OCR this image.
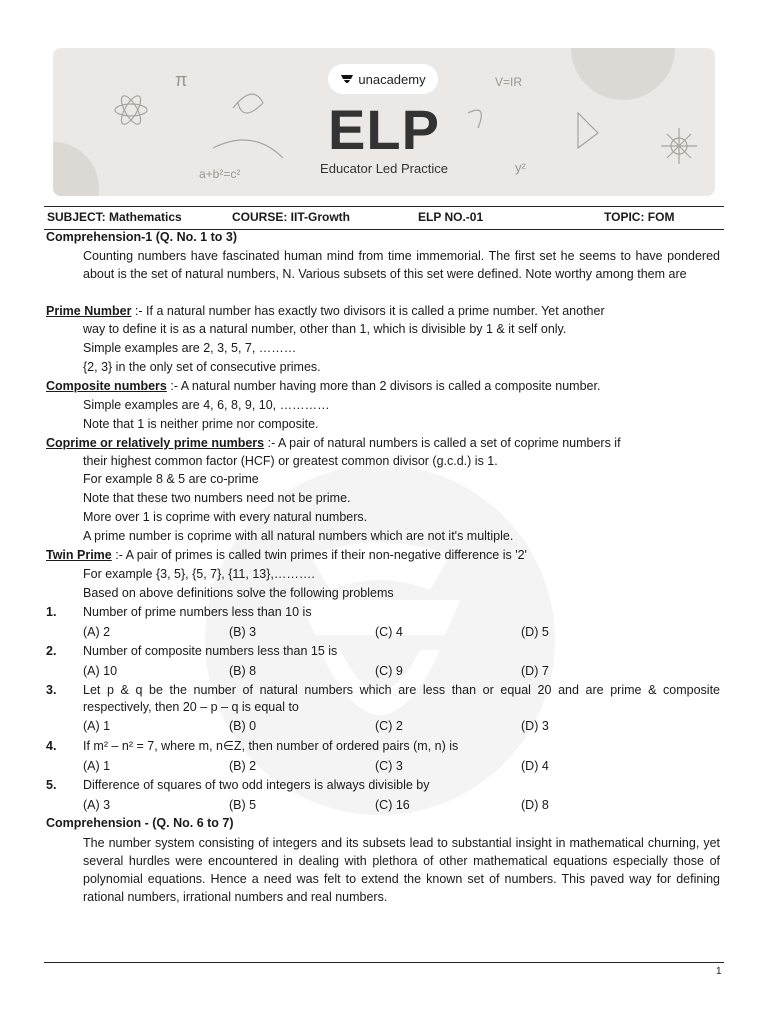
π
a+b²=c²
V=IR
y²
unacademy
ELP
Educator Led Practice
SUBJECT: Mathematics	COURSE: IIT-Growth	ELP NO.-01	TOPIC: FOM
Comprehension-1 (Q. No. 1 to 3)
Counting numbers have fascinated human mind from time immemorial. The first set he seems to have pondered about is the set of natural numbers, N. Various subsets of this set were defined. Note worthy among them are
Prime Number :- If a natural number has exactly two divisors it is called a prime number. Yet another
way to define it is as a natural number, other than 1, which is divisible by 1 & it self only.
Simple examples are 2, 3, 5, 7, ………
{2, 3} in the only set of consecutive primes.
Composite numbers :- A natural number having more than 2 divisors is called a composite number.
Simple examples are 4, 6, 8, 9, 10, …………
Note that 1 is neither prime nor composite.
Coprime or relatively prime numbers :- A pair of natural numbers is called a set of coprime numbers if
their highest common factor (HCF) or greatest common divisor (g.c.d.) is 1.
For example 8 & 5 are co-prime
Note that these two numbers need not be prime.
More over 1 is coprime with every natural numbers.
A prime number is coprime with all natural numbers which are not it's multiple.
Twin Prime :- A pair of primes is called twin primes if their non-negative difference is '2'
For example {3, 5}, {5, 7}, {11, 13},……….
Based on above definitions solve the following problems
1. Number of prime numbers less than 10 is
(A) 2	(B) 3	(C) 4	(D) 5
2. Number of composite numbers less than 15 is
(A) 10	(B) 8	(C) 9	(D) 7
3. Let p & q be the number of natural numbers which are less than or equal 20 and are prime & composite respectively, then 20 – p – q is equal to
(A) 1	(B) 0	(C) 2	(D) 3
4. If m² – n² = 7, where m, n∈Z, then number of ordered pairs (m, n) is
(A) 1	(B) 2	(C) 3	(D) 4
5. Difference of squares of two odd integers is always divisible by
(A) 3	(B) 5	(C) 16	(D) 8
Comprehension - (Q. No. 6 to 7)
The number system consisting of integers and its subsets lead to substantial insight in mathematical churning, yet several hurdles were encountered in dealing with plethora of other mathematical equations especially those of polynomial equations. Hence a need was felt to extend the known set of numbers. This paved way for defining rational numbers, irrational numbers and real numbers.
1
